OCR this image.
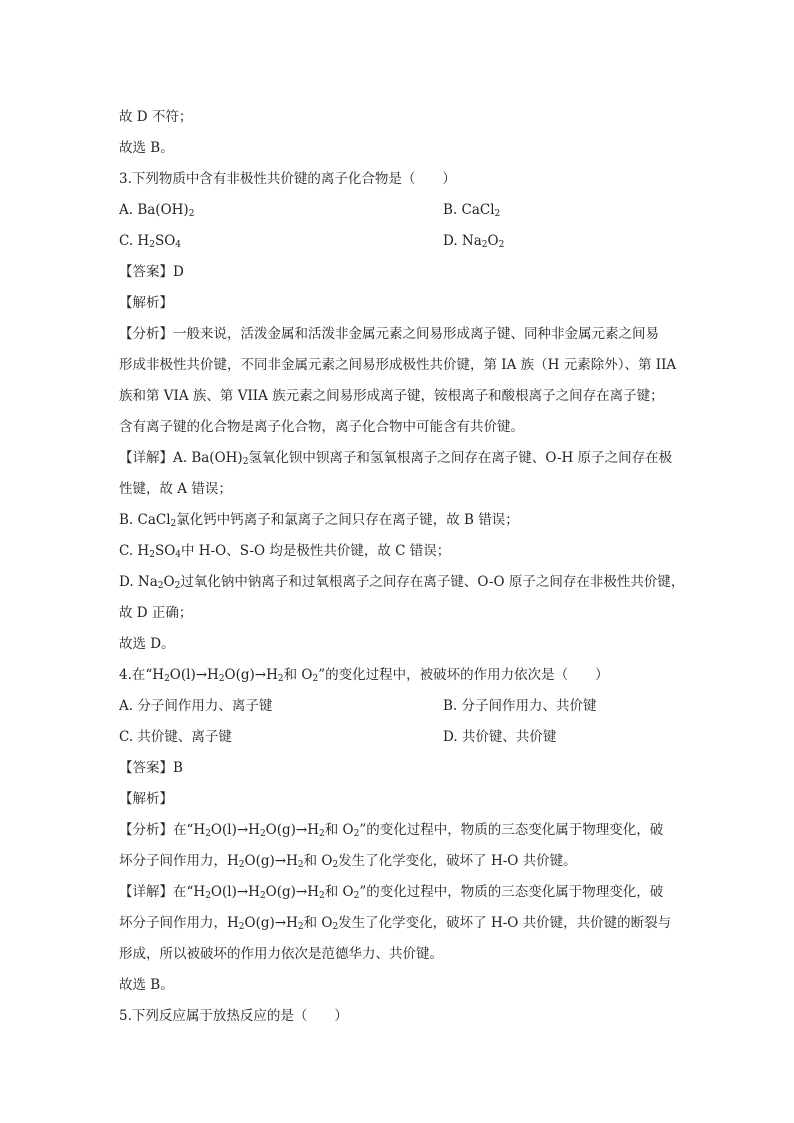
故 D 不符；
故选 B。
3.下列物质中含有非极性共价键的离子化合物是（　　）
A. $Ba(OH)_2$	B. CaCl$_2$
C. $H_2SO_4$	D. $Na_2O_2$
【答案】D
【解析】
【分析】一般来说，活泼金属和活泼非金属元素之间易形成离子键、同种非金属元素之间易
形成非极性共价键，不同非金属元素之间易形成极性共价键，第 IA 族（H 元素除外）、第 IIA
族和第 VIA 族、第 VIIA 族元素之间易形成离子键，铵根离子和酸根离子之间存在离子键；
含有离子键的化合物是离子化合物，离子化合物中可能含有共价键。
【详解】A. $Ba(OH)_2$氢氧化钡中钡离子和氢氧根离子之间存在离子键、O-H 原子之间存在极
性键，故 A 错误；
B. CaCl$_2$氯化钙中钙离子和氯离子之间只存在离子键，故 B 错误；
C. $H_2SO_4$中 H-O、S-O 均是极性共价键，故 C 错误；
D. $Na_2O_2$过氧化钠中钠离子和过氧根离子之间存在离子键、O-O 原子之间存在非极性共价键，
故 D 正确；
故选 D。
4.在“$H_2O(l)\to H_2O(g)\to H_2$和 $O_2$”的变化过程中，被破坏的作用力依次是（　　）
A. 分子间作用力、离子键	B. 分子间作用力、共价键
C. 共价键、离子键	D. 共价键、共价键
【答案】B
【解析】
【分析】在“$H_2O(l)\to H_2O(g)\to H_2$和 $O_2$”的变化过程中，物质的三态变化属于物理变化，破
坏分子间作用力，$H_2O(g)\to H_2$和 $O_2$发生了化学变化，破坏了 H-O 共价键。
【详解】在“$H_2O(l)\to H_2O(g)\to H_2$和 $O_2$”的变化过程中，物质的三态变化属于物理变化，破
坏分子间作用力，$H_2O(g)\to H_2$和 $O_2$发生了化学变化，破坏了 H-O 共价键，共价键的断裂与
形成，所以被破坏的作用力依次是范德华力、共价键。
故选 B。
5.下列反应属于放热反应的是（　　）
